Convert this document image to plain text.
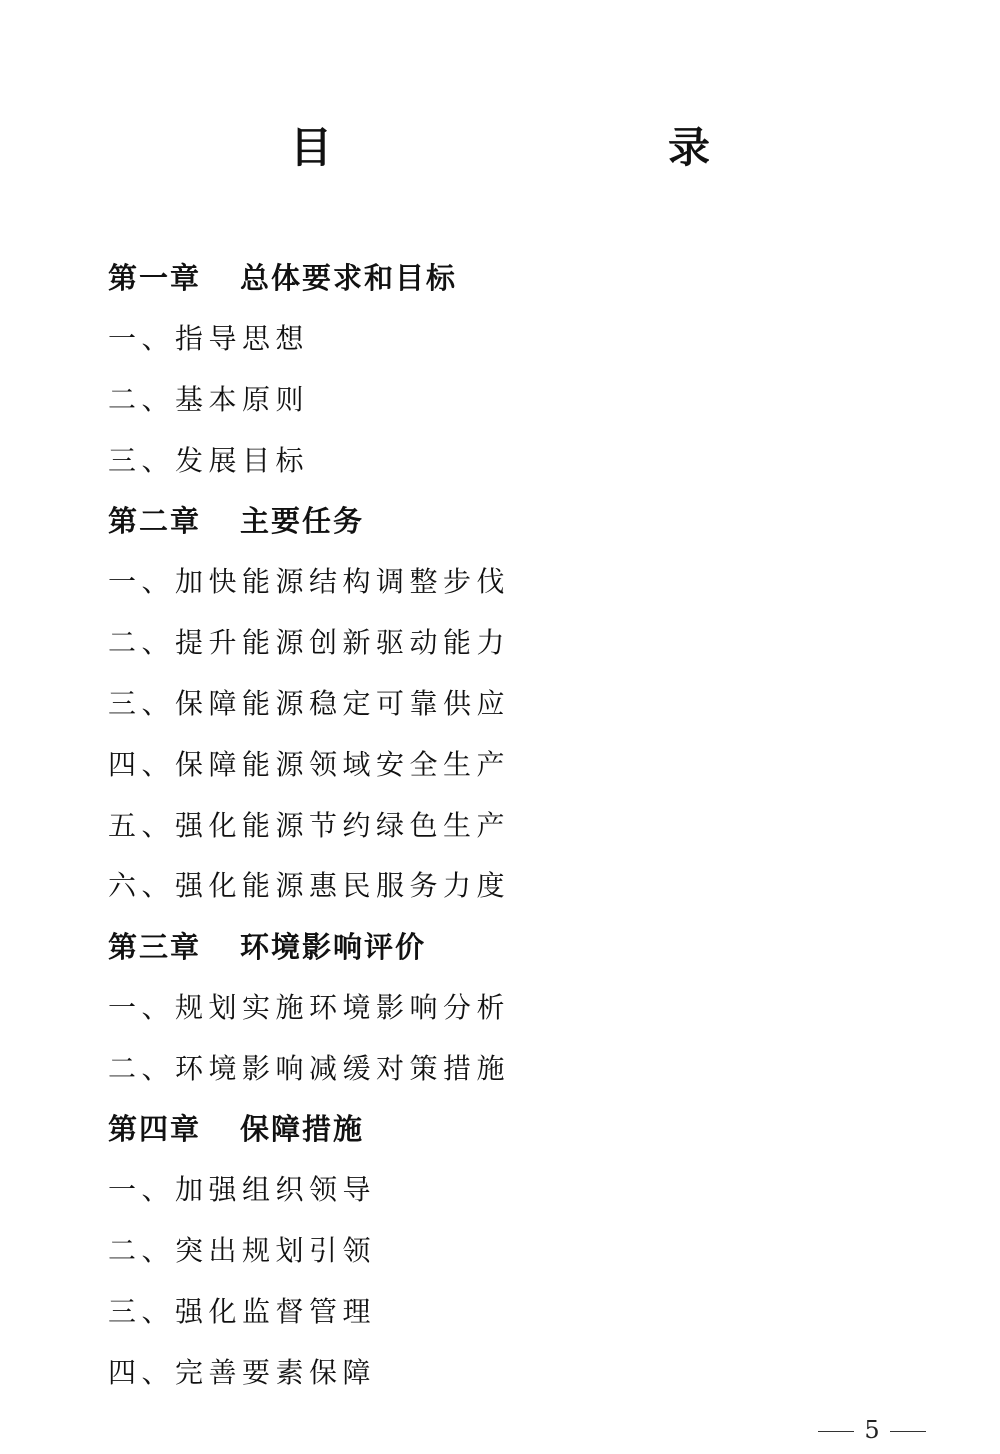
目　　录
第一章	总体要求和目标
一、指导思想
二、基本原则
三、发展目标
第二章	主要任务
一、加快能源结构调整步伐
二、提升能源创新驱动能力
三、保障能源稳定可靠供应
四、保障能源领域安全生产
五、强化能源节约绿色生产
六、强化能源惠民服务力度
第三章	环境影响评价
一、规划实施环境影响分析
二、环境影响减缓对策措施
第四章	保障措施
一、加强组织领导
二、突出规划引领
三、强化监督管理
四、完善要素保障
5
